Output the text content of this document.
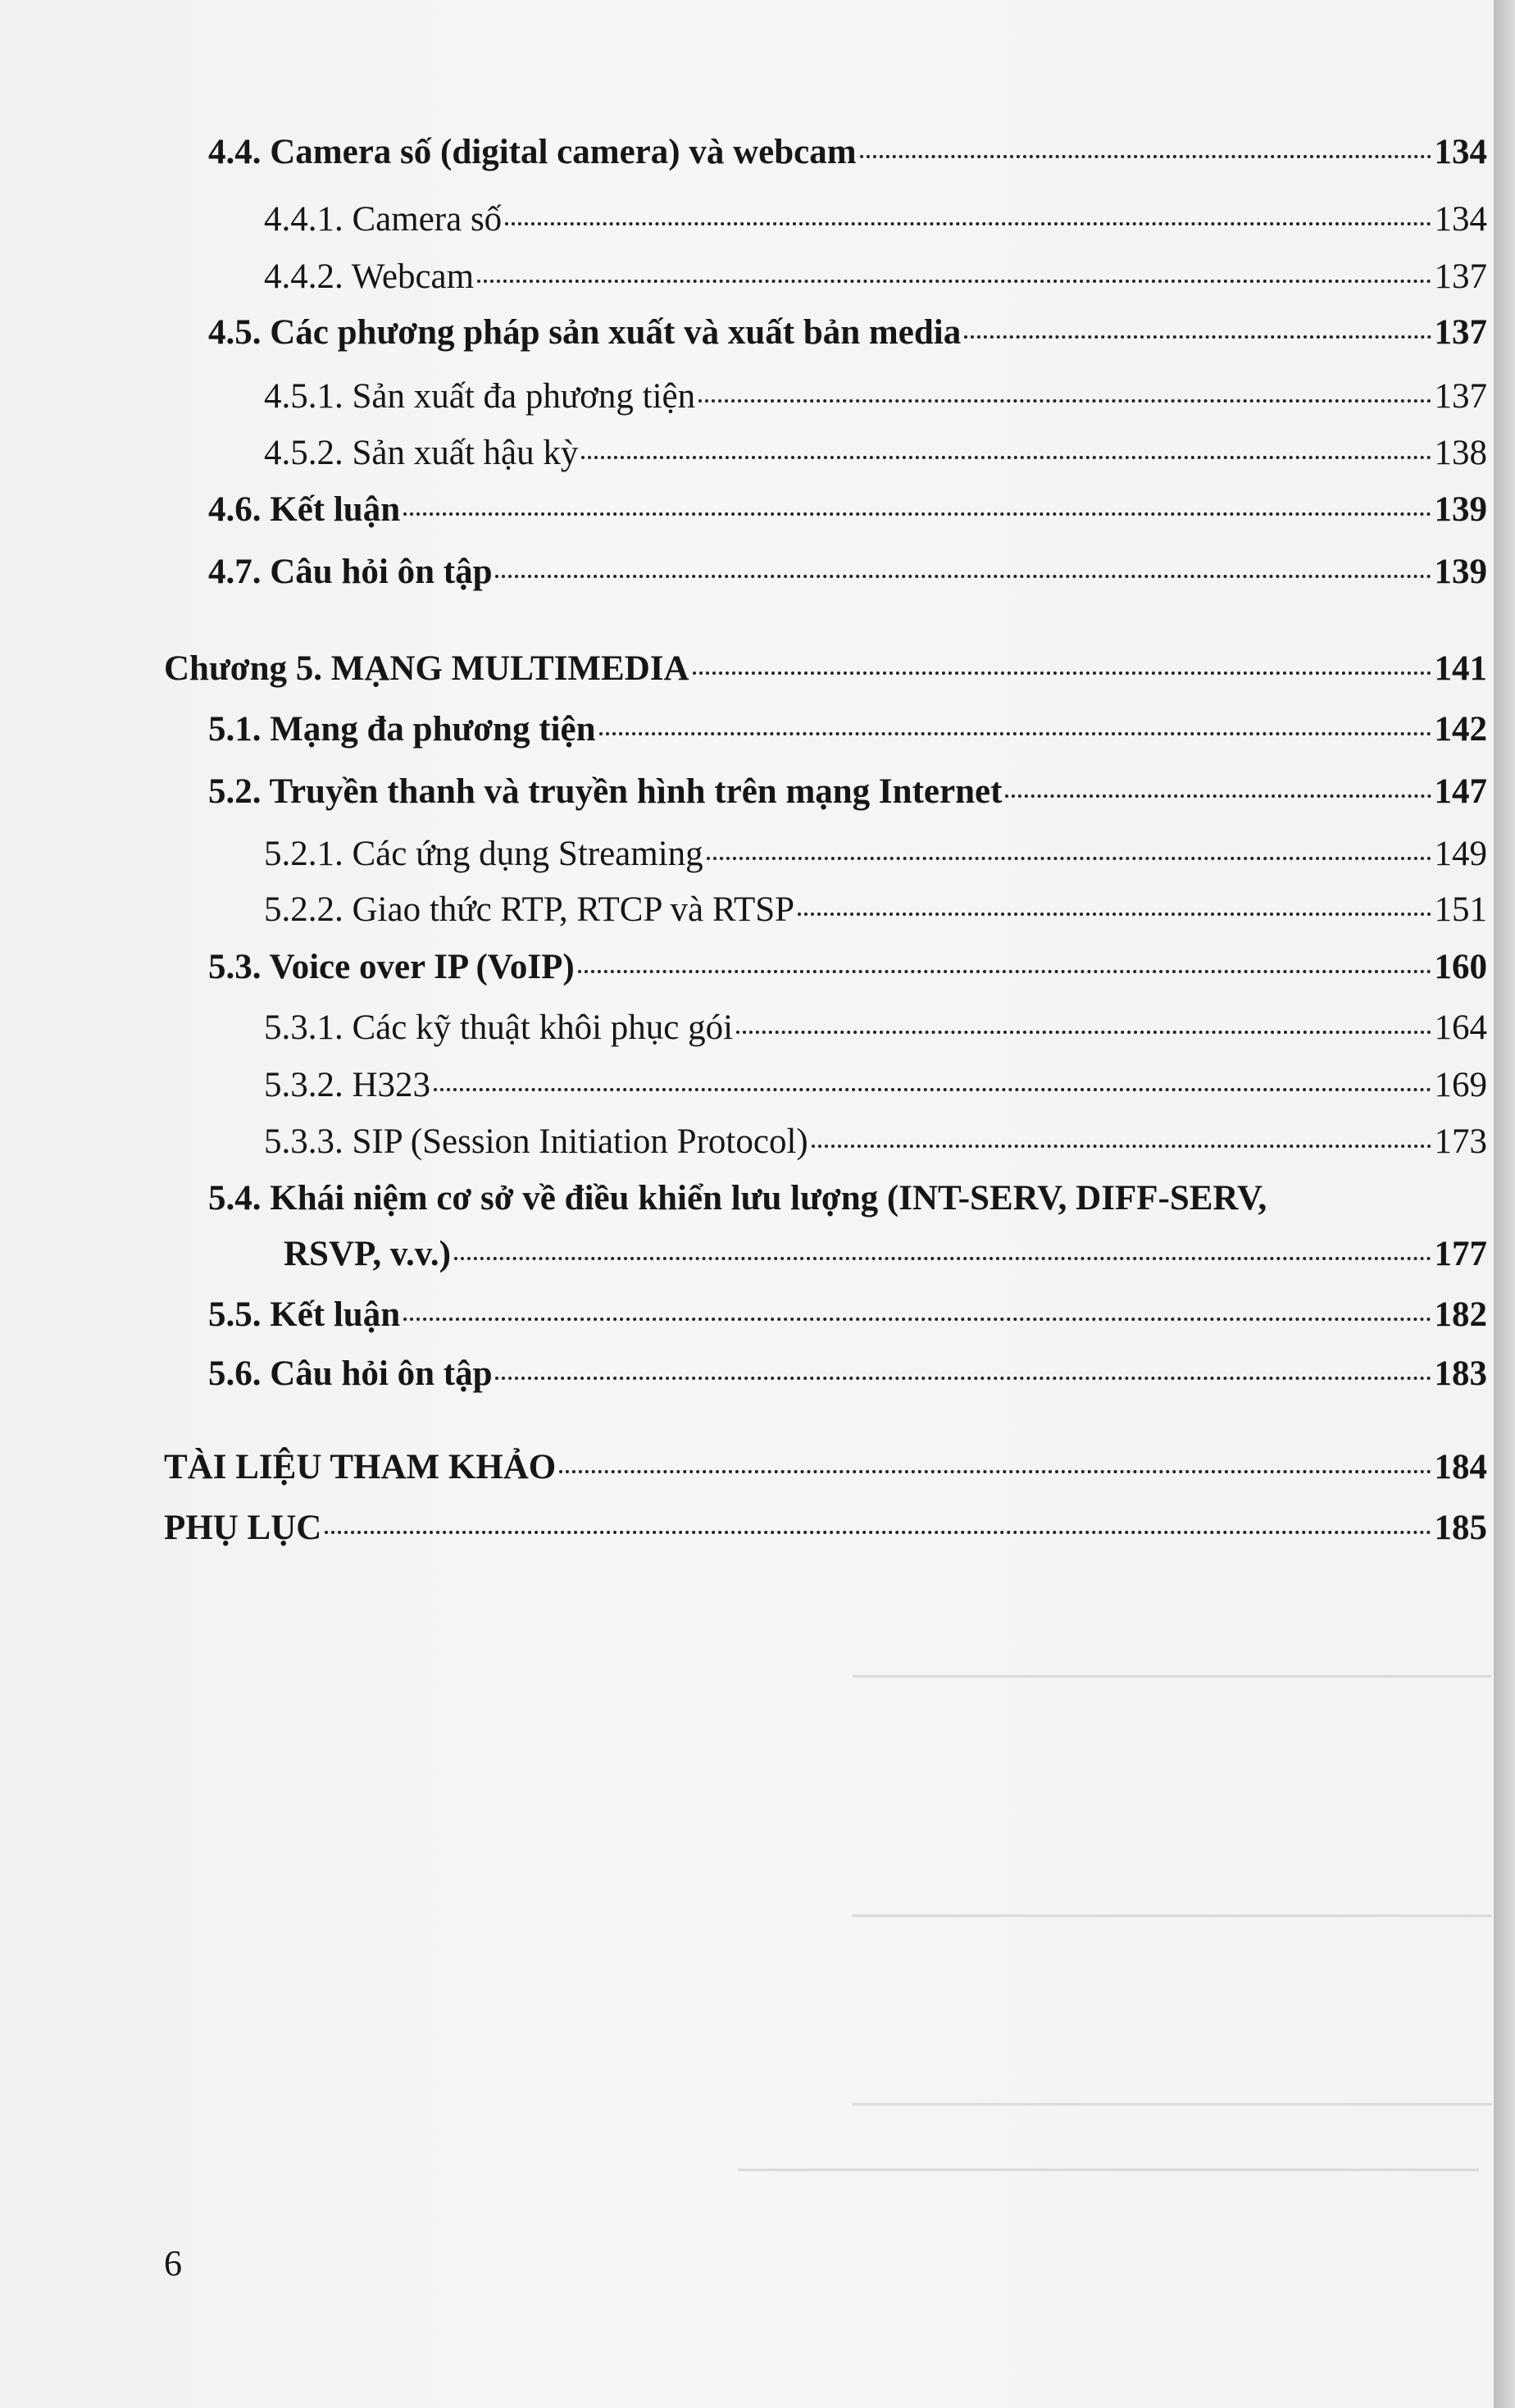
─────────────────────────
─────────────────────────
─────────────────────────
─────────────────────────────
4.4. Camera số (digital camera) và webcam	134
4.4.1. Camera số	134
4.4.2. Webcam	137
4.5. Các phương pháp sản xuất và xuất bản media	137
4.5.1. Sản xuất đa phương tiện	137
4.5.2. Sản xuất hậu kỳ	138
4.6. Kết luận	139
4.7. Câu hỏi ôn tập	139
Chương 5. MẠNG MULTIMEDIA	141
5.1. Mạng đa phương tiện	142
5.2. Truyền thanh và truyền hình trên mạng Internet	147
5.2.1. Các ứng dụng Streaming	149
5.2.2. Giao thức RTP, RTCP và RTSP	151
5.3. Voice over IP (VoIP)	160
5.3.1. Các kỹ thuật khôi phục gói	164
5.3.2. H323	169
5.3.3. SIP (Session Initiation Protocol)	173
5.4. Khái niệm cơ sở về điều khiển lưu lượng (INT-SERV, DIFF-SERV,
RSVP, v.v.)	177
5.5. Kết luận	182
5.6. Câu hỏi ôn tập	183
TÀI LIỆU THAM KHẢO	184
PHỤ LỤC	185
6
